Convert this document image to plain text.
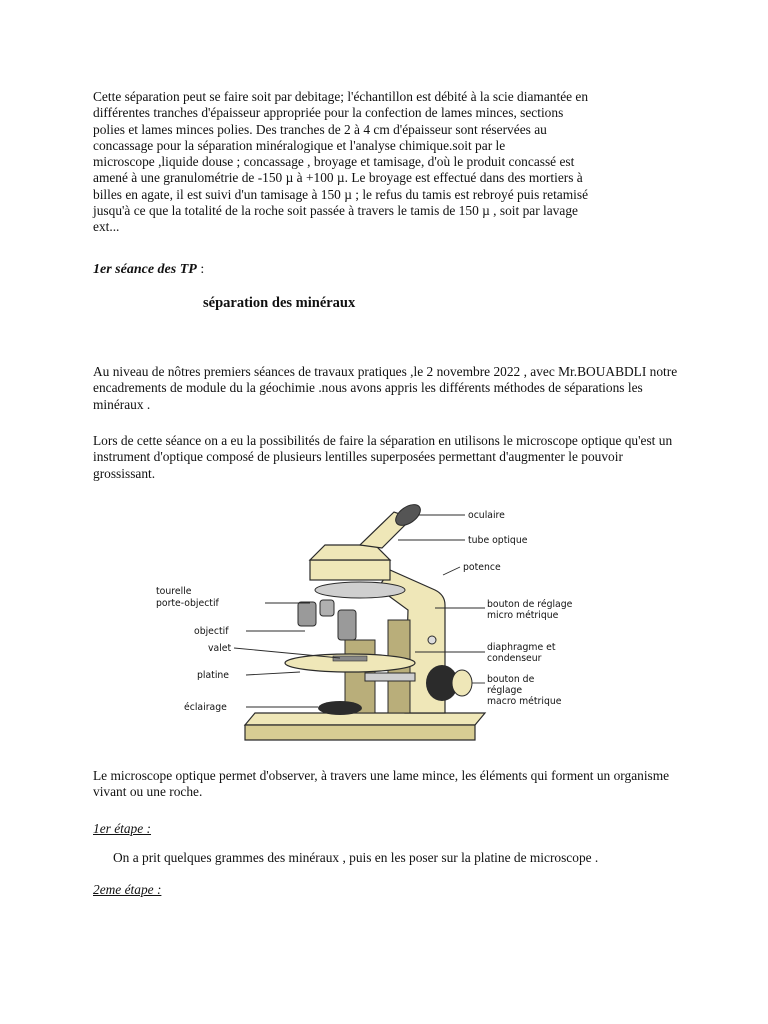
Cette séparation peut se faire soit par debitage; l'échantillon est débité à la scie diamantée en
différentes tranches d'épaisseur appropriée pour la confection de lames minces, sections
polies et lames minces polies. Des tranches de 2 à 4 cm d'épaisseur sont réservées au
concassage pour la séparation minéralogique et l'analyse chimique.soit par le
microscope ,liquide douse ; concassage , broyage et tamisage, d'où le produit concassé est
amené à une granulométrie de -150 µ à +100 µ. Le broyage est effectué dans des mortiers à
billes en agate, il est suivi d'un tamisage à 150 µ ; le refus du tamis est rebroyé puis retamisé
jusqu'à ce que la totalité de la roche soit passée à travers le tamis de 150 µ , soit par lavage
ext...
1er séance des TP :
séparation des minéraux
Au niveau de nôtres premiers séances de travaux pratiques ,le 2 novembre 2022 , avec Mr.BOUABDLI notre encadrements de module du la géochimie .nous avons appris les différents méthodes de séparations les minéraux .
Lors de cette séance on a eu la possibilités de faire la séparation en utilisons le microscope optique qu'est un instrument d'optique composé de plusieurs lentilles superposées permettant d'augmenter le pouvoir grossissant.
oculaire
tube optique
potence
tourelle
porte-objectif	bouton de réglage
micro métrique
objectif
valet	diaphragme et
condenseur
platine	bouton de
réglage
macro métrique
éclairage
Le microscope optique permet d'observer, à travers une lame mince, les éléments qui forment un organisme vivant ou une roche.
1er étape :
On a prit quelques grammes des minéraux , puis en les poser sur la platine de microscope .
2eme étape :
